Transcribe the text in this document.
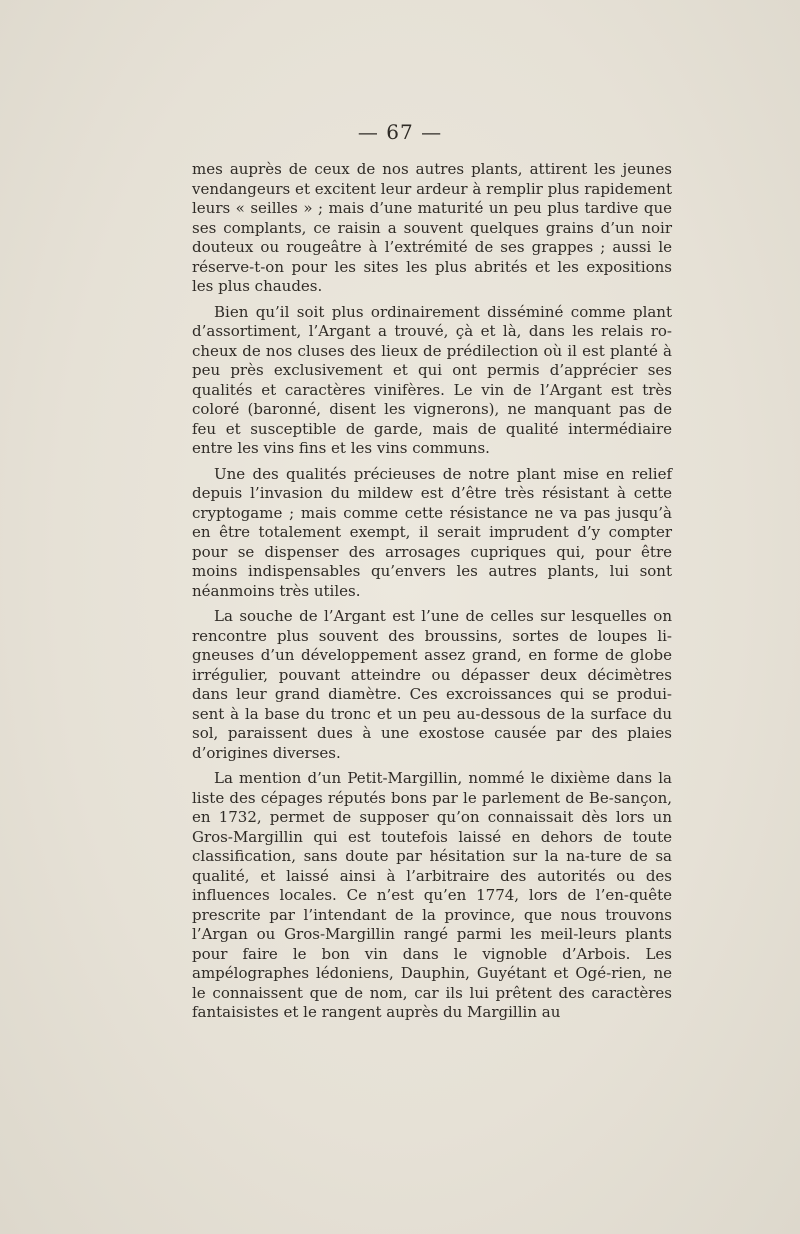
— 67 —

mes auprès de ceux de nos autres plants, attirent les jeunes vendangeurs et excitent leur ardeur à remplir plus rapidement leurs « seilles » ; mais d’une maturité un peu plus tardive que ses complants, ce raisin a souvent quelques grains d’un noir douteux ou rougeâtre à l’extrémité de ses grappes ; aussi le réserve-t-on pour les sites les plus abrités et les expositions les plus chaudes.

Bien qu’il soit plus ordinairement disséminé comme plant d’assortiment, l’Argant a trouvé, çà et là, dans les relais ro-cheux de nos cluses des lieux de prédilection où il est planté à peu près exclusivement et qui ont permis d’apprécier ses qualités et caractères vinifères. Le vin de l’Argant est très coloré (baronné, disent les vignerons), ne manquant pas de feu et susceptible de garde, mais de qualité intermédiaire entre les vins fins et les vins communs.

Une des qualités précieuses de notre plant mise en relief depuis l’invasion du mildew est d’être très résistant à cette cryptogame ; mais comme cette résistance ne va pas jusqu’à en être totalement exempt, il serait imprudent d’y compter pour se dispenser des arrosages cupriques qui, pour être moins indispensables qu’envers les autres plants, lui sont néanmoins très utiles.

La souche de l’Argant est l’une de celles sur lesquelles on rencontre plus souvent des broussins, sortes de loupes li-gneuses d’un développement assez grand, en forme de globe irrégulier, pouvant atteindre ou dépasser deux décimètres dans leur grand diamètre. Ces excroissances qui se produi-sent à la base du tronc et un peu au-dessous de la surface du sol, paraissent dues à une exostose causée par des plaies d’origines diverses.

La mention d’un Petit-Margillin, nommé le dixième dans la liste des cépages réputés bons par le parlement de Be-sançon, en 1732, permet de supposer qu’on connaissait dès lors un Gros-Margillin qui est toutefois laissé en dehors de toute classification, sans doute par hésitation sur la na-ture de sa qualité, et laissé ainsi à l’arbitraire des autorités ou des influences locales. Ce n’est qu’en 1774, lors de l’en-quête prescrite par l’intendant de la province, que nous trouvons l’Argan ou Gros-Margillin rangé parmi les meil-leurs plants pour faire le bon vin dans le vignoble d’Arbois. Les ampélographes lédoniens, Dauphin, Guyétant et Ogé-rien, ne le connaissent que de nom, car ils lui prêtent des caractères fantaisistes et le rangent auprès du Margillin au
